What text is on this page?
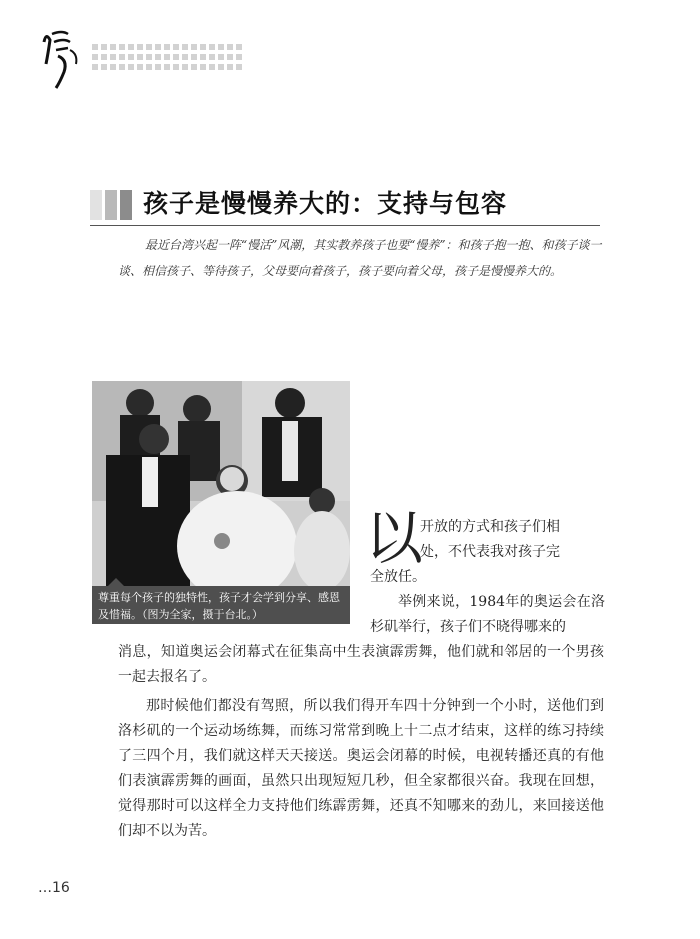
孩子是慢慢养大的：支持与包容
最近台湾兴起一阵“慢活”风潮，其实教养孩子也要“慢养”：和孩子抱一抱、和孩子谈一谈、相信孩子、等待孩子，父母要向着孩子，孩子要向着父母，孩子是慢慢养大的。
尊重每个孩子的独特性，孩子才会学到分享、感恩及惜福。（图为全家，摄于台北。）
以
开放的方式和孩子们相
处，不代表我对孩子完
全放任。
举例来说，1984年的奥运会在洛杉矶举行，孩子们不晓得哪来的
消息，知道奥运会闭幕式在征集高中生表演霹雳舞，他们就和邻居的一个男孩一起去报名了。
那时候他们都没有驾照，所以我们得开车四十分钟到一个小时，送他们到洛杉矶的一个运动场练舞，而练习常常到晚上十二点才结束，这样的练习持续了三四个月，我们就这样天天接送。奥运会闭幕的时候，电视转播还真的有他们表演霹雳舞的画面，虽然只出现短短几秒，但全家都很兴奋。我现在回想，觉得那时可以这样全力支持他们练霹雳舞，还真不知哪来的劲儿，来回接送他们却不以为苦。
…16
